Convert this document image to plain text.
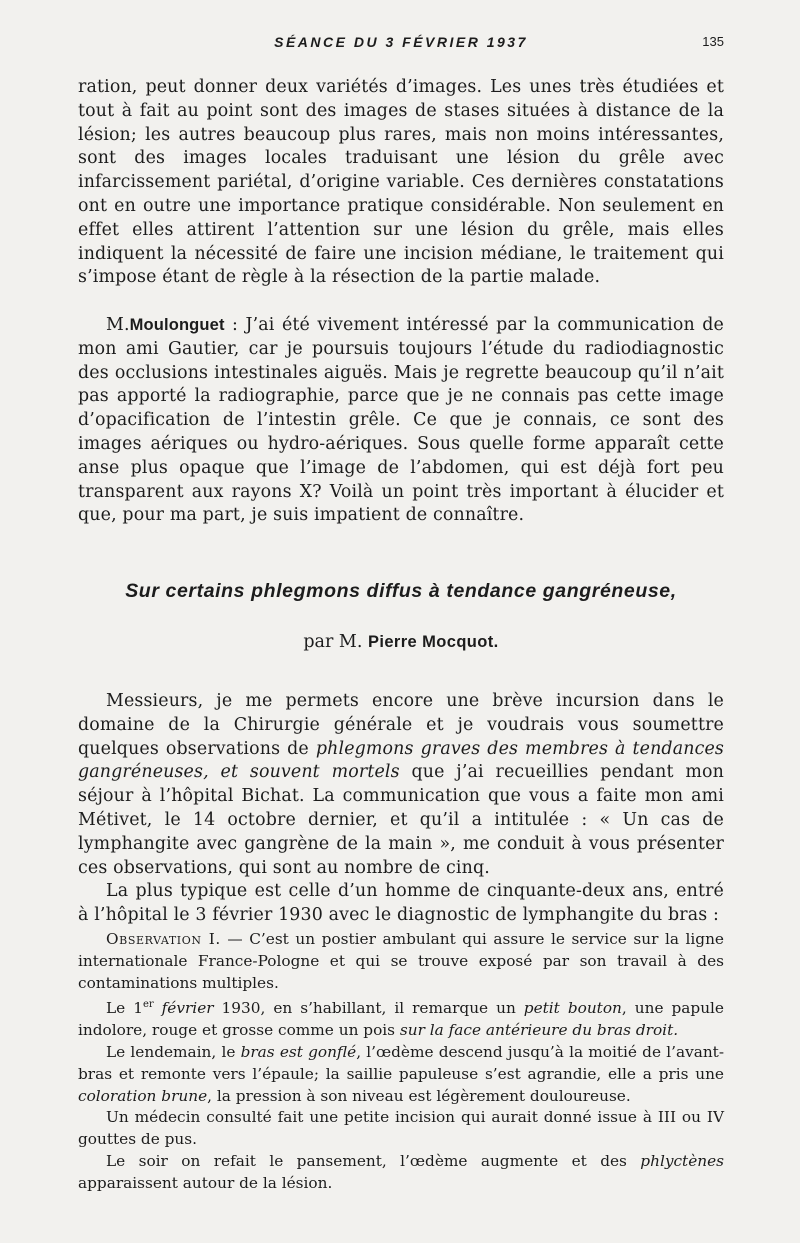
SÉANCE DU 3 FÉVRIER 1937	135

ration, peut donner deux variétés d’images. Les unes très étudiées et tout à fait au point sont des images de stases situées à distance de la lésion; les autres beaucoup plus rares, mais non moins intéressantes, sont des images locales traduisant une lésion du grêle avec infarcissement pariétal, d’origine variable. Ces dernières constatations ont en outre une importance pratique considérable. Non seulement en effet elles attirent l’attention sur une lésion du grêle, mais elles indiquent la nécessité de faire une incision médiane, le traitement qui s’impose étant de règle à la résection de la partie malade.

M.Moulonguet : J’ai été vivement intéressé par la communication de mon ami Gautier, car je poursuis toujours l’étude du radiodiagnostic des occlusions intestinales aiguës. Mais je regrette beaucoup qu’il n’ait pas apporté la radiographie, parce que je ne connais pas cette image d’opacification de l’intestin grêle. Ce que je connais, ce sont des images aériques ou hydro-aériques. Sous quelle forme apparaît cette anse plus opaque que l’image de l’abdomen, qui est déjà fort peu transparent aux rayons X? Voilà un point très important à élucider et que, pour ma part, je suis impatient de connaître.

Sur certains phlegmons diffus à tendance gangréneuse,
par M. Pierre Mocquot.

Messieurs, je me permets encore une brève incursion dans le domaine de la Chirurgie générale et je voudrais vous soumettre quelques observations de phlegmons graves des membres à tendances gangréneuses, et souvent mortels que j’ai recueillies pendant mon séjour à l’hôpital Bichat. La communication que vous a faite mon ami Métivet, le 14 octobre dernier, et qu’il a intitulée : « Un cas de lymphangite avec gangrène de la main », me conduit à vous présenter ces observations, qui sont au nombre de cinq.

La plus typique est celle d’un homme de cinquante-deux ans, entré à l’hôpital le 3 février 1930 avec le diagnostic de lymphangite du bras :

Observation I. — C’est un postier ambulant qui assure le service sur la ligne internationale France-Pologne et qui se trouve exposé par son travail à des contaminations multiples.

Le 1er février 1930, en s’habillant, il remarque un petit bouton, une papule indolore, rouge et grosse comme un pois sur la face antérieure du bras droit.

Le lendemain, le bras est gonflé, l’œdème descend jusqu’à la moitié de l’avant-bras et remonte vers l’épaule; la saillie papuleuse s’est agrandie, elle a pris une coloration brune, la pression à son niveau est légèrement douloureuse.

Un médecin consulté fait une petite incision qui aurait donné issue à III ou IV gouttes de pus.

Le soir on refait le pansement, l’œdème augmente et des phlyctènes apparaissent autour de la lésion.
